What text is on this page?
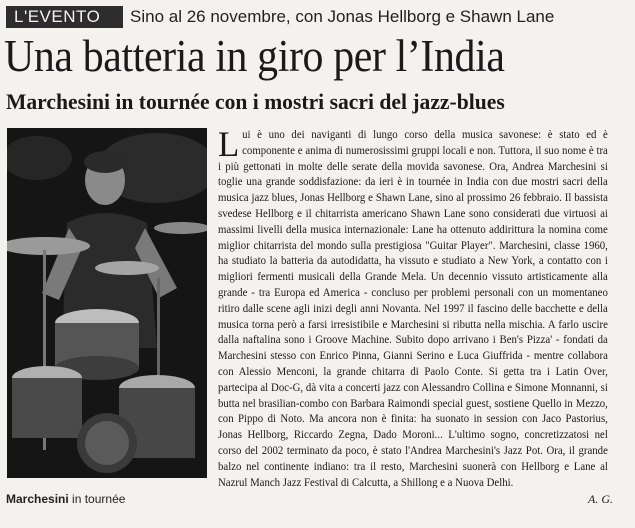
L'EVENTO	Sino al 26 novembre, con Jonas Hellborg e Shawn Lane
Una batteria in giro per l’India
Marchesini in tournée con i mostri sacri del jazz-blues
Lui è uno dei naviganti di lungo corso della musica savonese: è stato ed è componente e anima di numerosissimi gruppi locali e non. Tuttora, il suo nome è tra i più gettonati in molte delle serate della movida savonese. Ora, Andrea Marchesini si toglie una grande soddisfazione: da ieri è in tournée in India con due mostri sacri della musica jazz blues, Jonas Hellborg e Shawn Lane, sino al prossimo 26 febbraio. Il bassista svedese Hellborg e il chitarrista americano Shawn Lane sono considerati due virtuosi ai massimi livelli della musica internazionale: Lane ha ottenuto addirittura la nomina come miglior chitarrista del mondo sulla prestigiosa "Guitar Player". Marchesini, classe 1960, ha studiato la batteria da autodidatta, ha vissuto e studiato a New York, a contatto con i migliori fermenti musicali della Grande Mela. Un decennio vissuto artisticamente alla grande - tra Europa ed America - concluso per problemi personali con un momentaneo ritiro dalle scene agli inizi degli anni Novanta. Nel 1997 il fascino delle bacchette e della musica torna però a farsi irresistibile e Marchesini si ributta nella mischia. A farlo uscire dalla naftalina sono i Groove Machine. Subito dopo arrivano i Ben's Pizza' - fondati da Marchesini stesso con Enrico Pinna, Gianni Serino e Luca Giuffrida - mentre collabora con Alessio Menconi, la grande chitarra di Paolo Conte. Si getta tra i Latin Over, partecipa al Doc-G, dà vita a concerti jazz con Alessandro Collina e Simone Monnanni, si butta nel brasilian-combo con Barbara Raimondi special guest, sostiene Quello in Mezzo, con Pippo di Noto. Ma ancora non è finita: ha suonato in session con Jaco Pastorius, Jonas Hellborg, Riccardo Zegna, Dado Moroni... L'ultimo sogno, concretizzatosi nel corso del 2002 terminato da poco, è stato l'Andrea Marchesini's Jazz Pot. Ora, il grande balzo nel continente indiano: tra il resto, Marchesini suonerà con Hellborg e Lane al Nazrul Manch Jazz Festival di Calcutta, a Shillong e a Nuova Delhi.
Marchesini in tournée	A. G.
